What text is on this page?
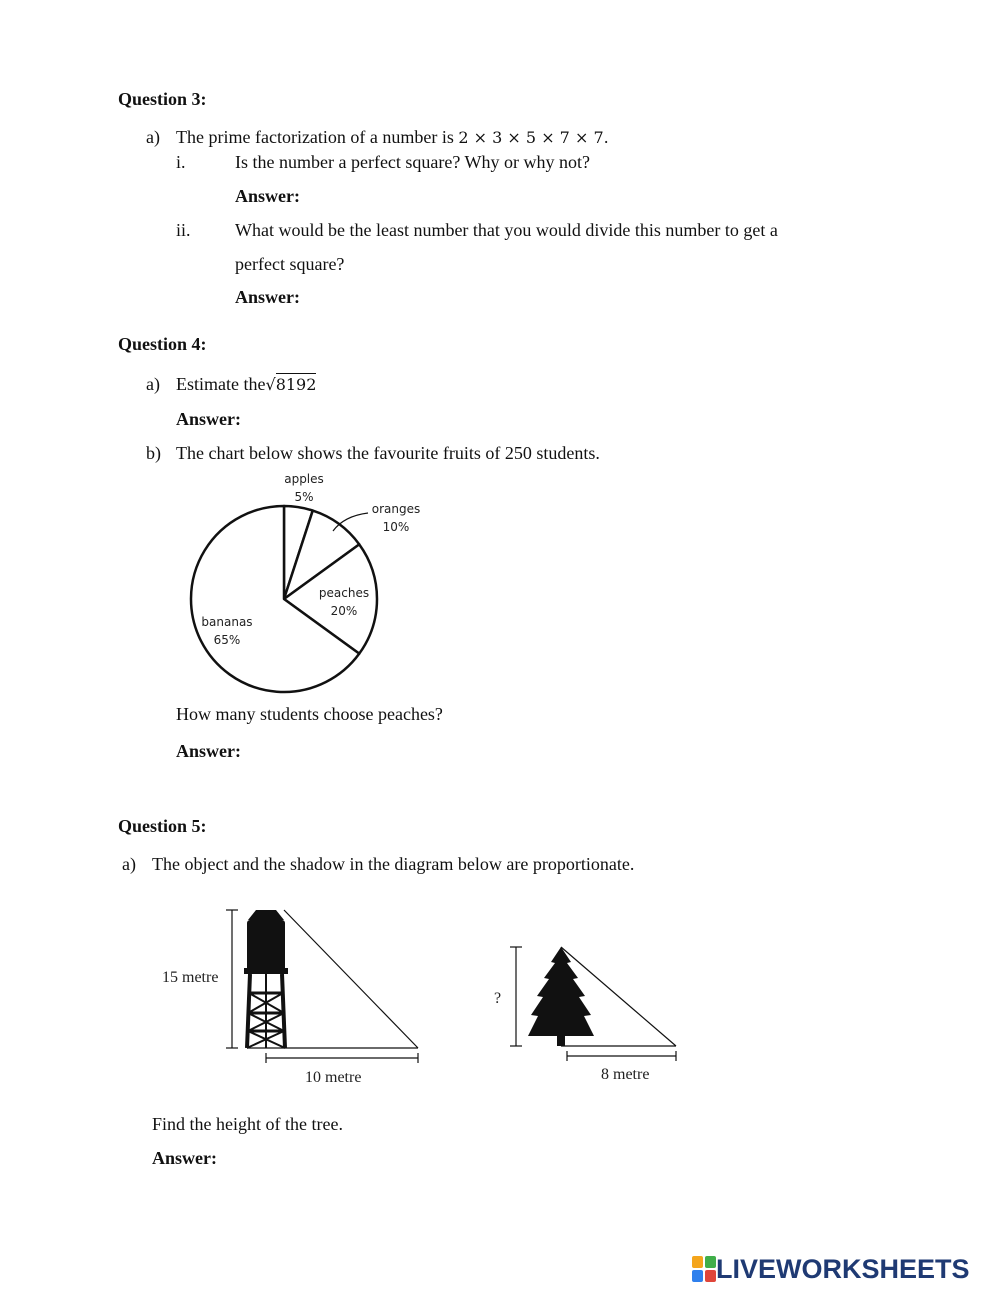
Question 3:
a) The prime factorization of a number is 2 × 3 × 5 × 7 × 7.
i.	Is the number a perfect square? Why or why not?
Answer:
ii. What would be the least number that you would divide this number to get a
perfect square?
Answer:
Question 4:
a) Estimate the√8192
Answer:
b) The chart below shows the favourite fruits of 250 students.
apples
5%
oranges
10%
peaches
20%
bananas
65%
How many students choose peaches?
Answer:
Question 5:
a) The object and the shadow in the diagram below are proportionate.
15 metre
10 metre
?
8 metre
Find the height of the tree.
Answer:
LIVEWORKSHEETS
